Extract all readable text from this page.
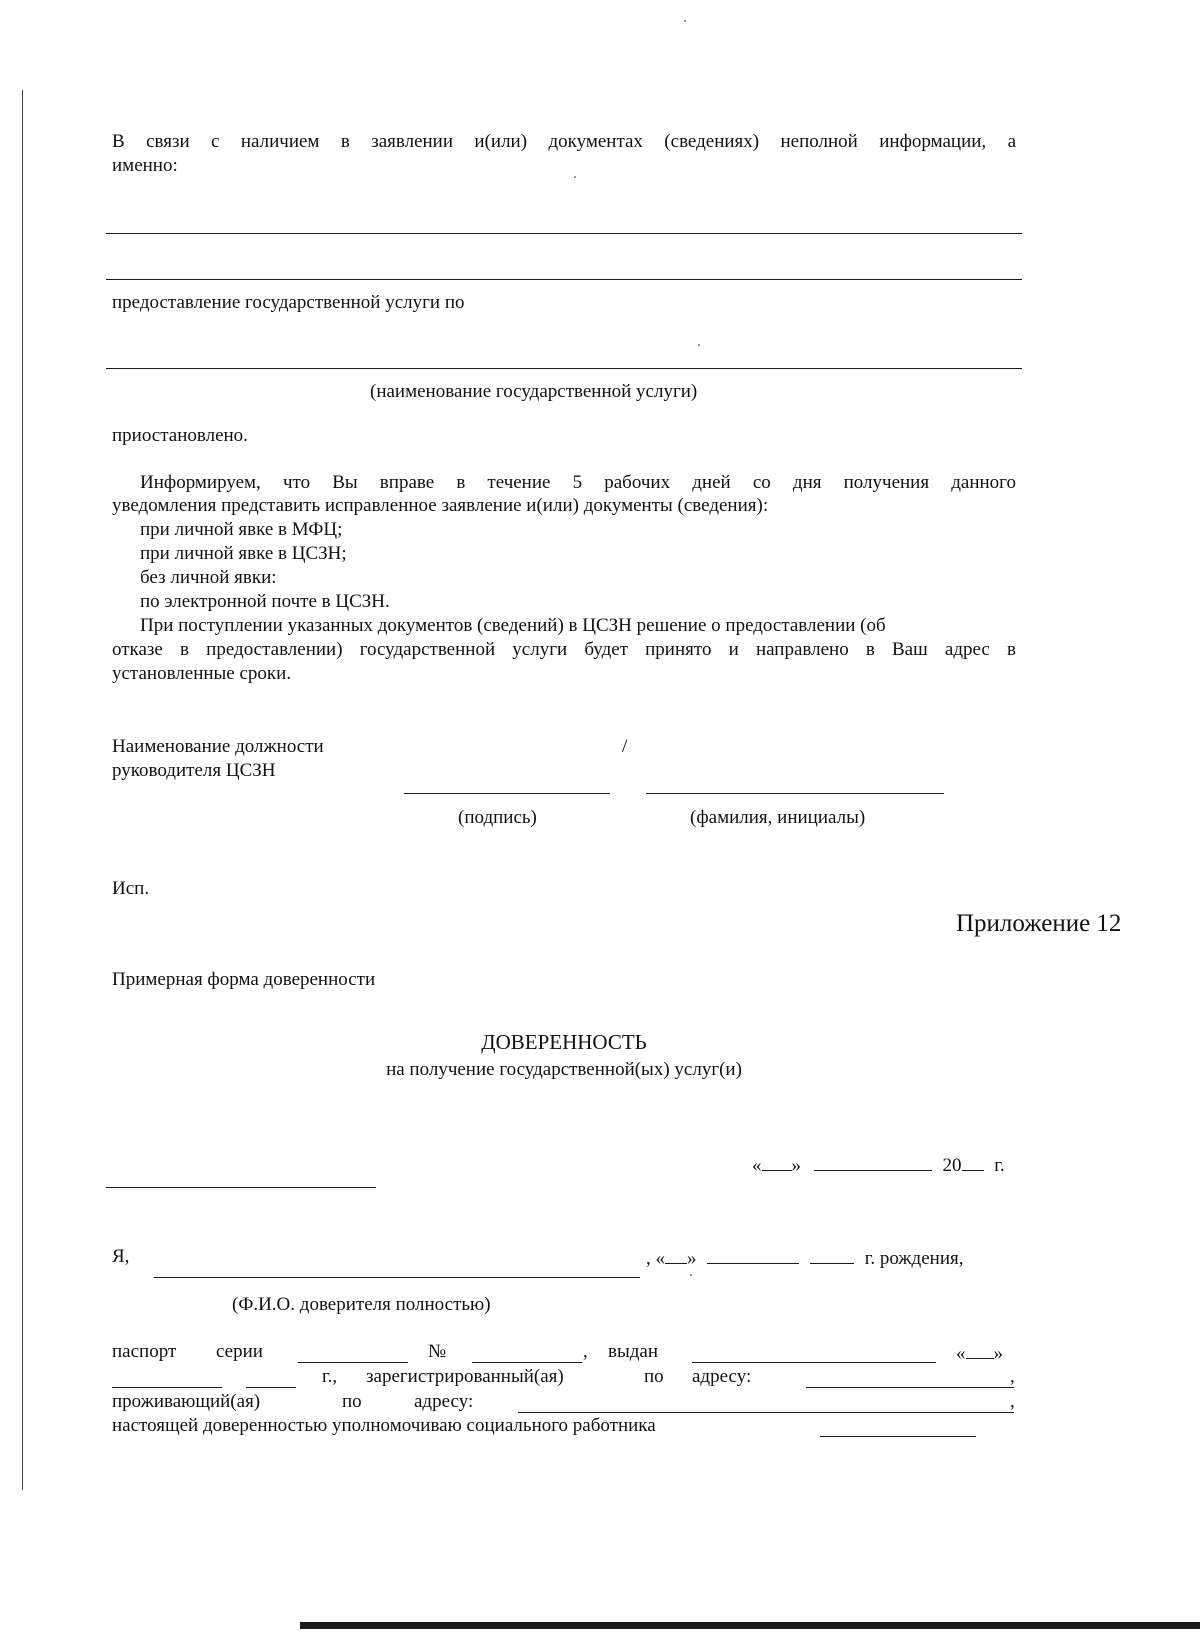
В связи с наличием в заявлении и(или) документах (сведениях) неполной информации, а
именно:
предоставление государственной услуги по
(наименование государственной услуги)
приостановлено.
Информируем, что Вы вправе в течение 5 рабочих дней со дня получения данного
уведомления представить исправленное заявление и(или) документы (сведения):
при личной явке в МФЦ;
при личной явке в ЦСЗН;
без личной явки:
по электронной почте в ЦСЗН.
При поступлении указанных документов (сведений) в ЦСЗН решение о предоставлении (об
отказе в предоставлении) государственной услуги будет принято и направлено в Ваш адрес в
установленные сроки.
Наименование должности
руководителя ЦСЗН
/
(подпись)	(фамилия, инициалы)
Исп.
Приложение 12
Примерная форма доверенности
ДОВЕРЕННОСТЬ
на получение государственной(ых) услуг(и)
« »	20 г.
Я,	, « »	г. рождения,
(Ф.И.О. доверителя полностью)
паспорт серии	№	, выдан	« »
г., зарегистрированный(ая)	по адресу:	,
проживающий(ая)	по	адресу:	,
настоящей доверенностью уполномочиваю социального работника
